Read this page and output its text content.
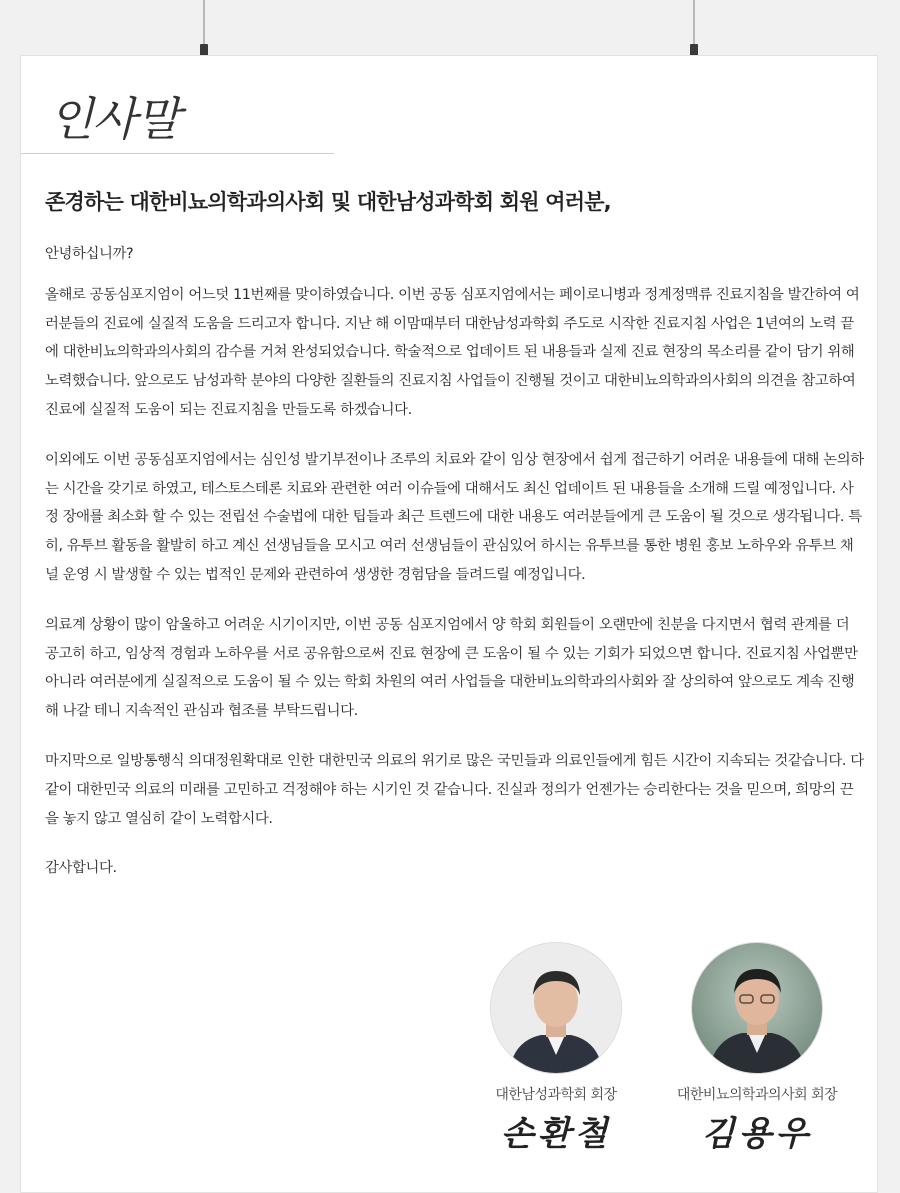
인사말
존경하는 대한비뇨의학과의사회 및 대한남성과학회 회원 여러분,

안녕하십니까?

올해로 공동심포지엄이 어느덧 11번째를 맞이하였습니다. 이번 공동 심포지엄에서는 페이로니병과 정계정맥류 진료지침을 발간하여 여러분들의 진료에 실질적 도움을 드리고자 합니다. 지난 해 이맘때부터 대한남성과학회 주도로 시작한 진료지침 사업은 1년여의 노력 끝에 대한비뇨의학과의사회의 감수를 거쳐 완성되었습니다. 학술적으로 업데이트 된 내용들과 실제 진료 현장의 목소리를 같이 담기 위해 노력했습니다. 앞으로도 남성과학 분야의 다양한 질환들의 진료지침 사업들이 진행될 것이고 대한비뇨의학과의사회의 의견을 참고하여 진료에 실질적 도움이 되는 진료지침을 만들도록 하겠습니다.

이외에도 이번 공동심포지엄에서는 심인성 발기부전이나 조루의 치료와 같이 임상 현장에서 쉽게 접근하기 어려운 내용들에 대해 논의하는 시간을 갖기로 하였고, 테스토스테론 치료와 관련한 여러 이슈들에 대해서도 최신 업데이트 된 내용들을 소개해 드릴 예정입니다. 사정 장애를 최소화 할 수 있는 전립선 수술법에 대한 팁들과 최근 트렌드에 대한 내용도 여러분들에게 큰 도움이 될 것으로 생각됩니다. 특히, 유투브 활동을 활발히 하고 계신 선생님들을 모시고 여러 선생님들이 관심있어 하시는 유투브를 통한 병원 홍보 노하우와 유투브 채널 운영 시 발생할 수 있는 법적인 문제와 관련하여 생생한 경험담을 들려드릴 예정입니다.

의료계 상황이 많이 암울하고 어려운 시기이지만, 이번 공동 심포지엄에서 양 학회 회원들이 오랜만에 친분을 다지면서 협력 관계를 더 공고히 하고, 임상적 경험과 노하우를 서로 공유함으로써 진료 현장에 큰 도움이 될 수 있는 기회가 되었으면 합니다. 진료지침 사업뿐만 아니라 여러분에게 실질적으로 도움이 될 수 있는 학회 차원의 여러 사업들을 대한비뇨의학과의사회와 잘 상의하여 앞으로도 계속 진행해 나갈 테니 지속적인 관심과 협조를 부탁드립니다.

마지막으로 일방통행식 의대정원확대로 인한 대한민국 의료의 위기로 많은 국민들과 의료인들에게 힘든 시간이 지속되는 것같습니다. 다같이 대한민국 의료의 미래를 고민하고 걱정해야 하는 시기인 것 같습니다. 진실과 정의가 언젠가는 승리한다는 것을 믿으며, 희망의 끈을 놓지 않고 열심히 같이 노력합시다.

감사합니다.

대한남성과학회 회장
손환철
대한비뇨의학과의사회 회장
김용우
